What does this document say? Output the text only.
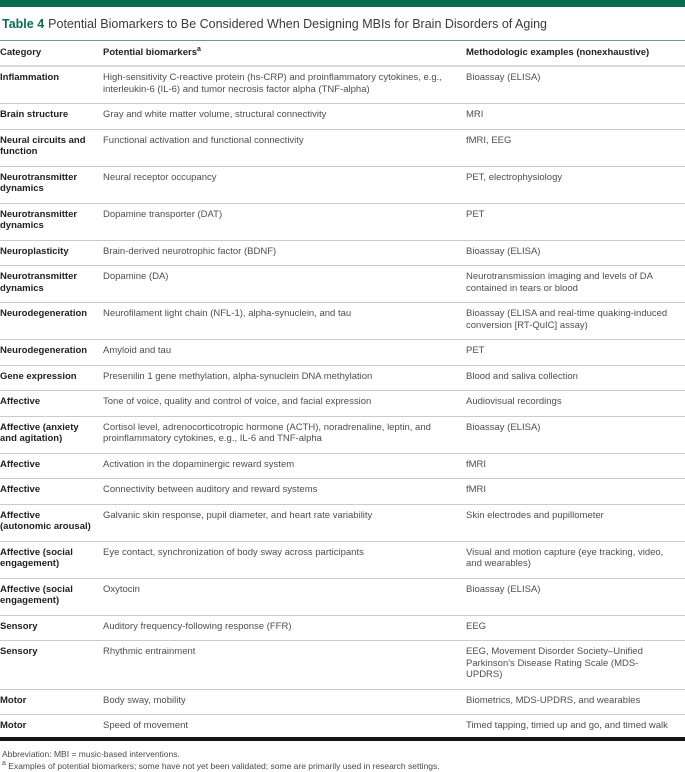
Table 4 Potential Biomarkers to Be Considered When Designing MBIs for Brain Disorders of Aging
Category	Potential biomarkers$^a$	Methodologic examples (nonexhaustive)
Inflammation	High-sensitivity C-reactive protein (hs-CRP) and proinflammatory cytokines, e.g., interleukin-6 (IL-6) and tumor necrosis factor alpha (TNF-alpha)	Bioassay (ELISA)
Brain structure	Gray and white matter volume, structural connectivity	MRI
Neural circuits and function	Functional activation and functional connectivity	fMRI, EEG
Neurotransmitter dynamics	Neural receptor occupancy	PET, electrophysiology
Neurotransmitter dynamics	Dopamine transporter (DAT)	PET
Neuroplasticity	Brain-derived neurotrophic factor (BDNF)	Bioassay (ELISA)
Neurotransmitter dynamics	Dopamine (DA)	Neurotransmission imaging and levels of DA contained in tears or blood
Neurodegeneration	Neurofilament light chain (NFL-1), alpha-synuclein, and tau	Bioassay (ELISA and real-time quaking-induced conversion [RT-QuIC] assay)
Neurodegeneration	Amyloid and tau	PET
Gene expression	Presenilin 1 gene methylation, alpha-synuclein DNA methylation	Blood and saliva collection
Affective	Tone of voice, quality and control of voice, and facial expression	Audiovisual recordings
Affective (anxiety and agitation)	Cortisol level, adrenocorticotropic hormone (ACTH), noradrenaline, leptin, and proinflammatory cytokines, e.g., IL-6 and TNF-alpha	Bioassay (ELISA)
Affective	Activation in the dopaminergic reward system	fMRI
Affective	Connectivity between auditory and reward systems	fMRI
Affective (autonomic arousal)	Galvanic skin response, pupil diameter, and heart rate variability	Skin electrodes and pupillometer
Affective (social engagement)	Eye contact, synchronization of body sway across participants	Visual and motion capture (eye tracking, video, and wearables)
Affective (social engagement)	Oxytocin	Bioassay (ELISA)
Sensory	Auditory frequency-following response (FFR)	EEG
Sensory	Rhythmic entrainment	EEG, Movement Disorder Society–Unified Parkinson's Disease Rating Scale (MDS-UPDRS)
Motor	Body sway, mobility	Biometrics, MDS-UPDRS, and wearables
Motor	Speed of movement	Timed tapping, timed up and go, and timed walk
Abbreviation: MBI = music-based interventions.
$^a$ Examples of potential biomarkers; some have not yet been validated; some are primarily used in research settings.
